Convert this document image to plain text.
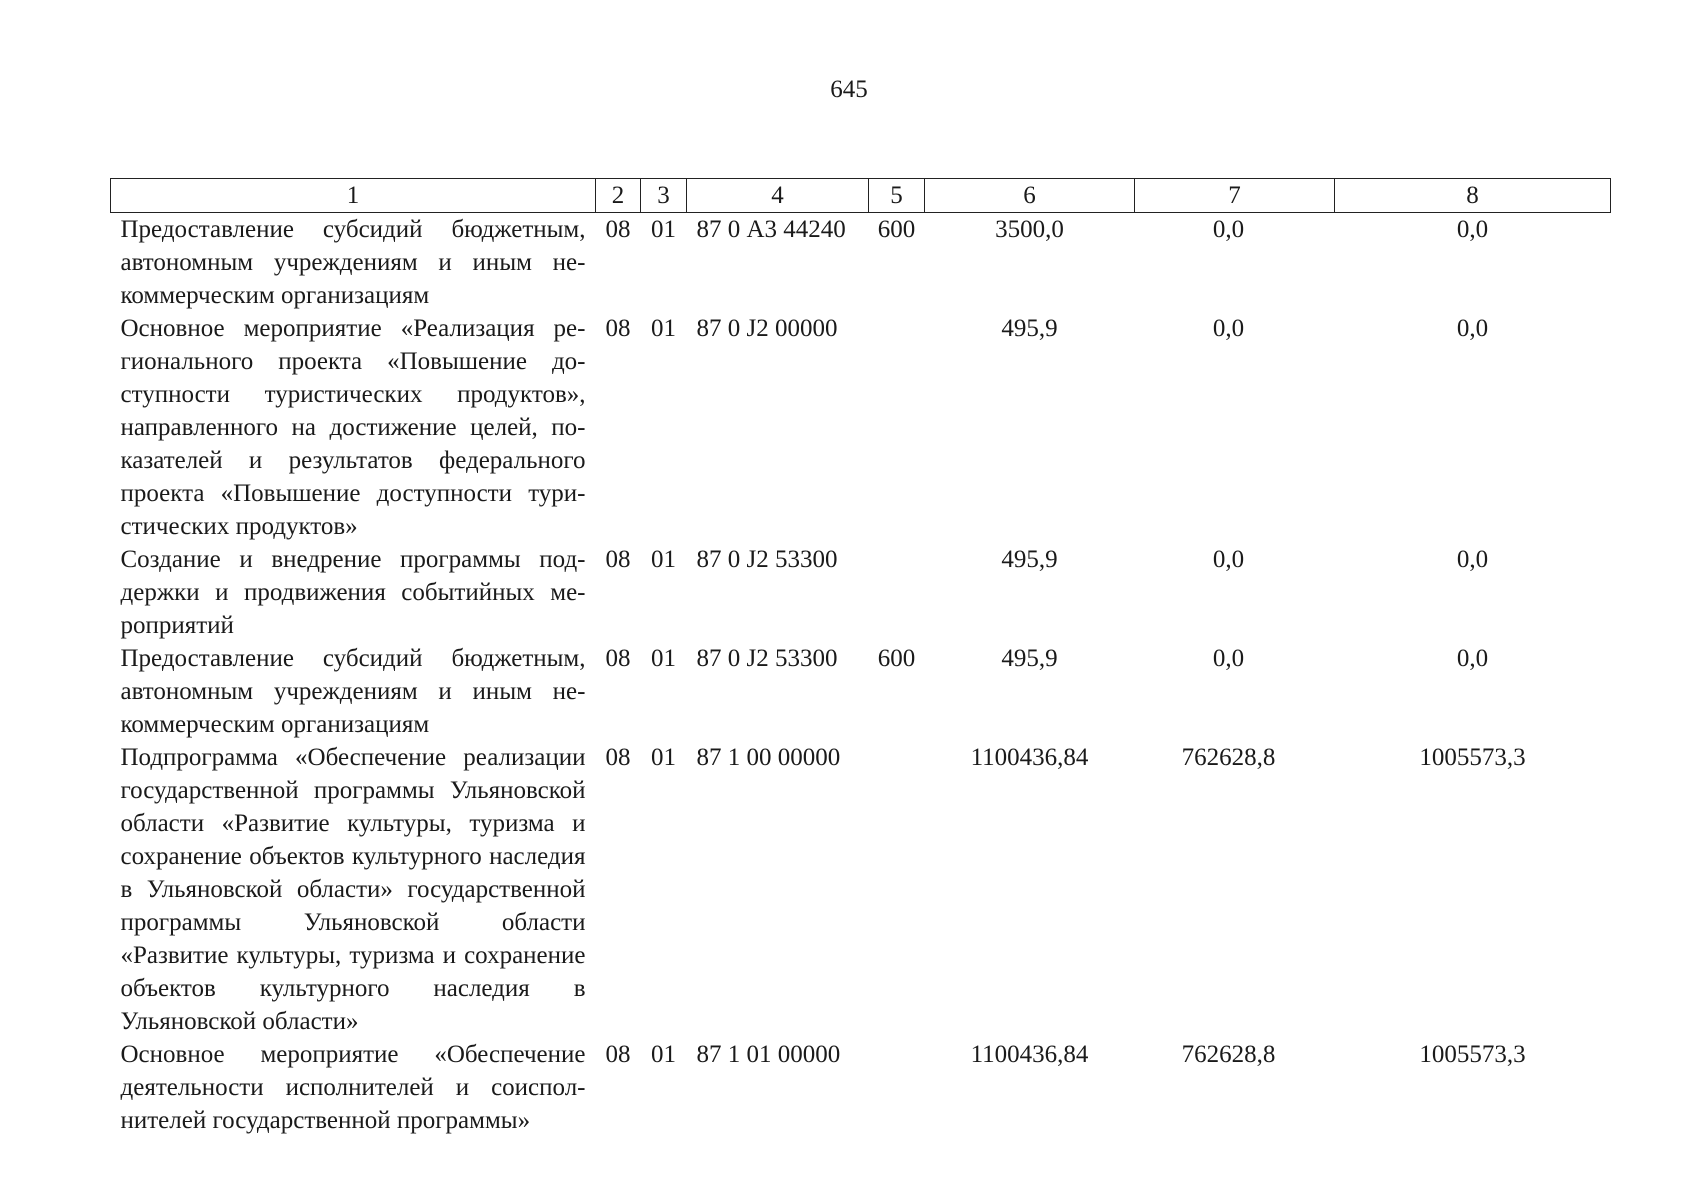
645
1	2	3	4	5	6	7	8
Предоставление субсидий бюджетным, автономным учреждениям и иным некоммерческим организациям	08	01	87 0 А3 44240	600	3500,0	0,0	0,0
Основное мероприятие «Реализация регионального проекта «Повышение доступности туристических продуктов», направленного на достижение целей, показателей и результатов федерального проекта «Повышение доступности туристических продуктов»	08	01	87 0 J2 00000		495,9	0,0	0,0
Создание и внедрение программы поддержки и продвижения событийных мероприятий	08	01	87 0 J2 53300		495,9	0,0	0,0
Предоставление субсидий бюджетным, автономным учреждениям и иным некоммерческим организациям	08	01	87 0 J2 53300	600	495,9	0,0	0,0
Подпрограмма «Обеспечение реализации государственной программы Ульяновской области «Развитие культуры, туризма и сохранение объектов культурного наследия в Ульяновской области» государственной программы Ульяновской области «Развитие культуры, туризма и сохранение объектов культурного наследия в Ульяновской области»	08	01	87 1 00 00000		1100436,84	762628,8	1005573,3
Основное мероприятие «Обеспечение деятельности исполнителей и соисполнителей государственной программы»	08	01	87 1 01 00000		1100436,84	762628,8	1005573,3
